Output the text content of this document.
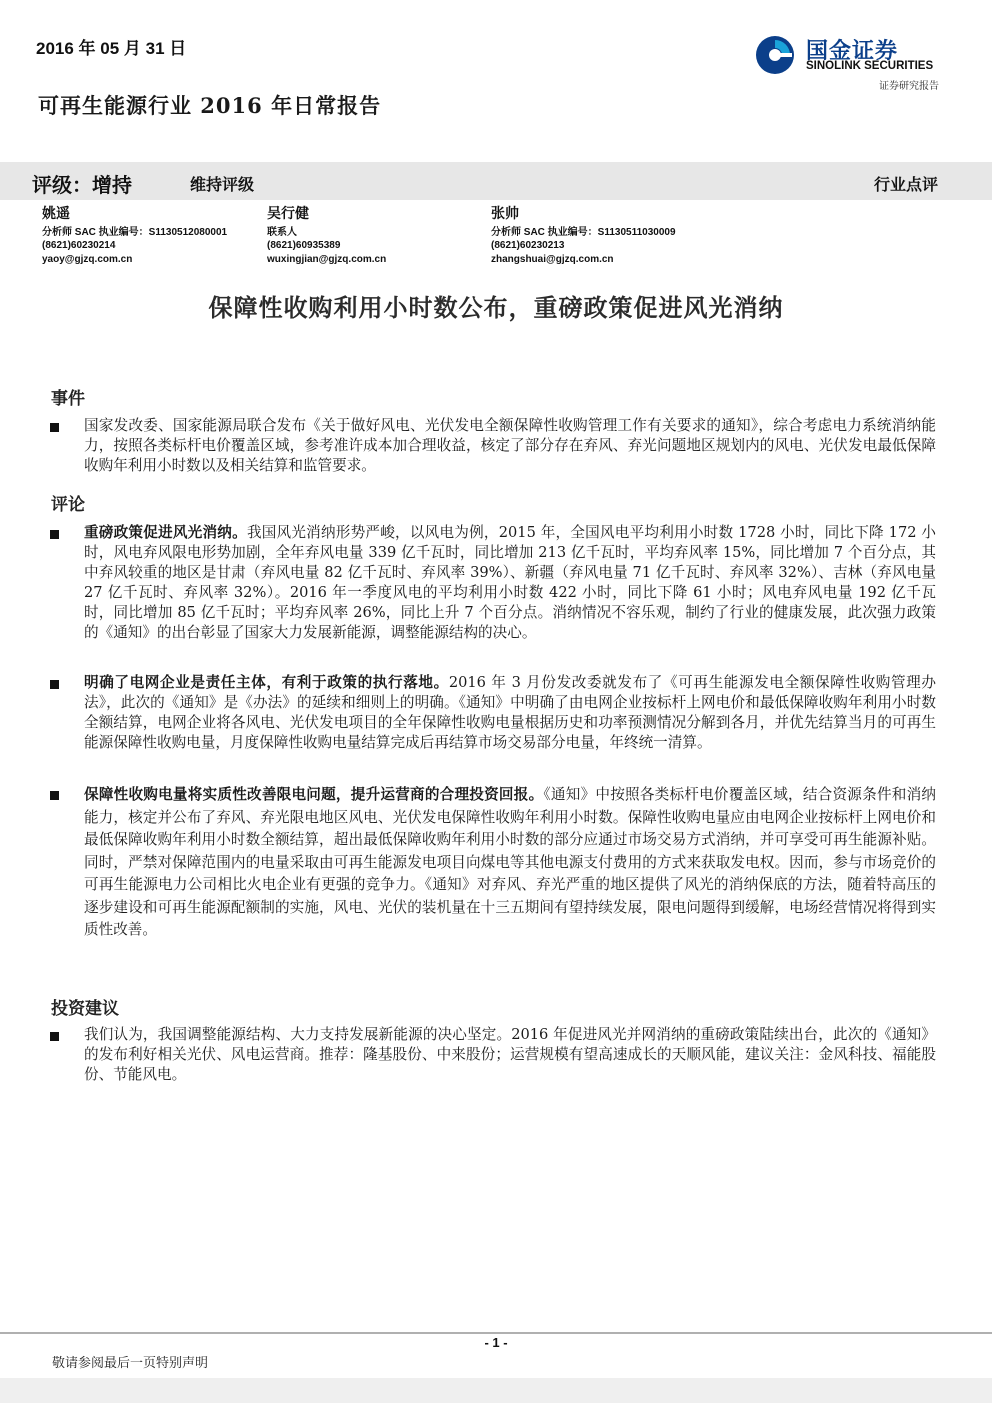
2016 年 05 月 31 日	国金证券
SINOLINK SECURITIES
证券研究报告
可再生能源行业 2016 年日常报告
评级：增持	维持评级	行业点评
姚遥
分析师 SAC 执业编号：S1130512080001
(8621)60230214
yaoy@gjzq.com.cn
吴行健
联系人
(8621)60935389
wuxingjian@gjzq.com.cn
张帅
分析师 SAC 执业编号：S1130511030009
(8621)60230213
zhangshuai@gjzq.com.cn
保障性收购利用小时数公布，重磅政策促进风光消纳
事件
国家发改委、国家能源局联合发布《关于做好风电、光伏发电全额保障性收购管理工作有关要求的通知》，综合考虑电力系统消纳能力，按照各类标杆电价覆盖区域，参考准许成本加合理收益，核定了部分存在弃风、弃光问题地区规划内的风电、光伏发电最低保障收购年利用小时数以及相关结算和监管要求。
评论
重磅政策促进风光消纳。我国风光消纳形势严峻，以风电为例，2015 年，全国风电平均利用小时数 1728 小时，同比下降 172 小时，风电弃风限电形势加剧，全年弃风电量 339 亿千瓦时，同比增加 213 亿千瓦时，平均弃风率 15%，同比增加 7 个百分点，其中弃风较重的地区是甘肃（弃风电量 82 亿千瓦时、弃风率 39%）、新疆（弃风电量 71 亿千瓦时、弃风率 32%）、吉林（弃风电量 27 亿千瓦时、弃风率 32%）。2016 年一季度风电的平均利用小时数 422 小时，同比下降 61 小时；风电弃风电量 192 亿千瓦时，同比增加 85 亿千瓦时；平均弃风率 26%，同比上升 7 个百分点。消纳情况不容乐观，制约了行业的健康发展，此次强力政策的《通知》的出台彰显了国家大力发展新能源，调整能源结构的决心。
明确了电网企业是责任主体，有利于政策的执行落地。2016 年 3 月份发改委就发布了《可再生能源发电全额保障性收购管理办法》，此次的《通知》是《办法》的延续和细则上的明确。《通知》中明确了由电网企业按标杆上网电价和最低保障收购年利用小时数全额结算，电网企业将各风电、光伏发电项目的全年保障性收购电量根据历史和功率预测情况分解到各月，并优先结算当月的可再生能源保障性收购电量，月度保障性收购电量结算完成后再结算市场交易部分电量，年终统一清算。
保障性收购电量将实质性改善限电问题，提升运营商的合理投资回报。《通知》中按照各类标杆电价覆盖区域，结合资源条件和消纳能力，核定并公布了弃风、弃光限电地区风电、光伏发电保障性收购年利用小时数。保障性收购电量应由电网企业按标杆上网电价和最低保障收购年利用小时数全额结算，超出最低保障收购年利用小时数的部分应通过市场交易方式消纳，并可享受可再生能源补贴。同时，严禁对保障范围内的电量采取由可再生能源发电项目向煤电等其他电源支付费用的方式来获取发电权。因而，参与市场竞价的可再生能源电力公司相比火电企业有更强的竞争力。《通知》对弃风、弃光严重的地区提供了风光的消纳保底的方法，随着特高压的逐步建设和可再生能源配额制的实施，风电、光伏的装机量在十三五期间有望持续发展，限电问题得到缓解，电场经营情况将得到实质性改善。
投资建议
我们认为，我国调整能源结构、大力支持发展新能源的决心坚定。2016 年促进风光并网消纳的重磅政策陆续出台，此次的《通知》的发布利好相关光伏、风电运营商。推荐：隆基股份、中来股份；运营规模有望高速成长的天顺风能，建议关注：金风科技、福能股份、节能风电。
- 1 -
敬请参阅最后一页特别声明
